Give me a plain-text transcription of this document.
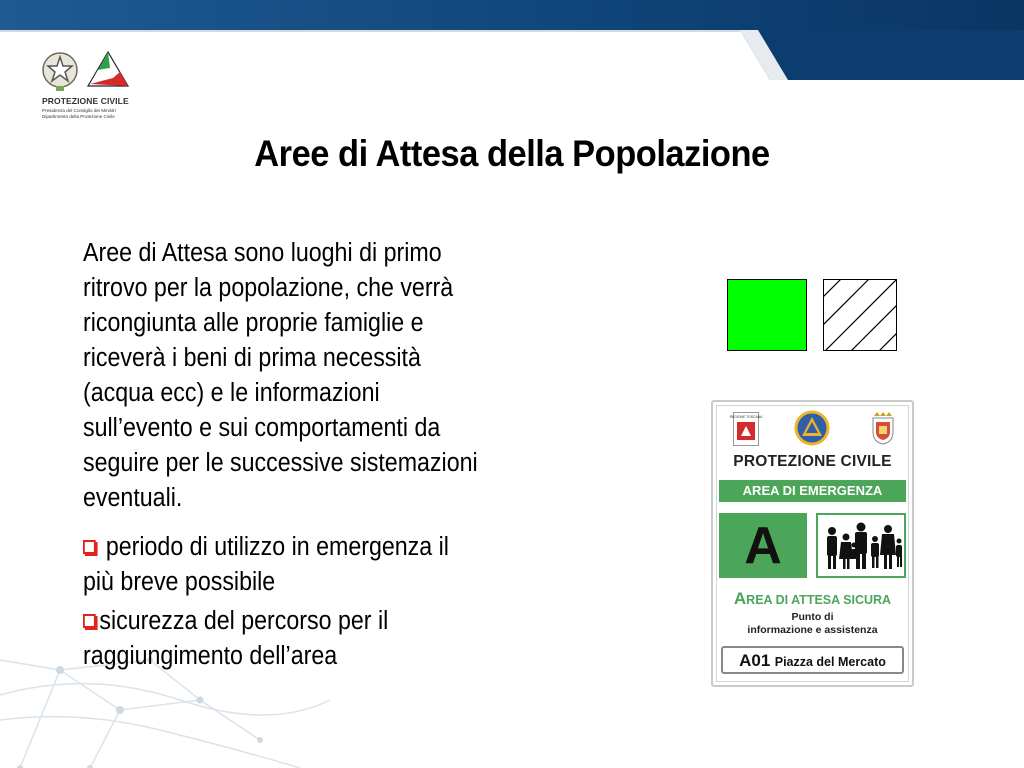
PROTEZIONE CIVILE
Presidenza del Consiglio dei Ministri
Dipartimento della Protezione Civile
Aree di Attesa della Popolazione
Aree di Attesa sono luoghi di primo
ritrovo per la popolazione, che verrà
ricongiunta alle proprie famiglie e
riceverà i beni di prima necessità
(acqua ecc) e le informazioni
sull’evento e sui comportamenti da
seguire per le successive sistemazioni
eventuali.
periodo di utilizzo in emergenza il
più breve possibile
sicurezza del percorso per il
raggiungimento dell’area
REGIONE TOSCANA
PROTEZIONE CIVILE
AREA DI EMERGENZA
A
AREA DI ATTESA SICURA
Punto di
informazione e assistenza
A01 Piazza del Mercato
